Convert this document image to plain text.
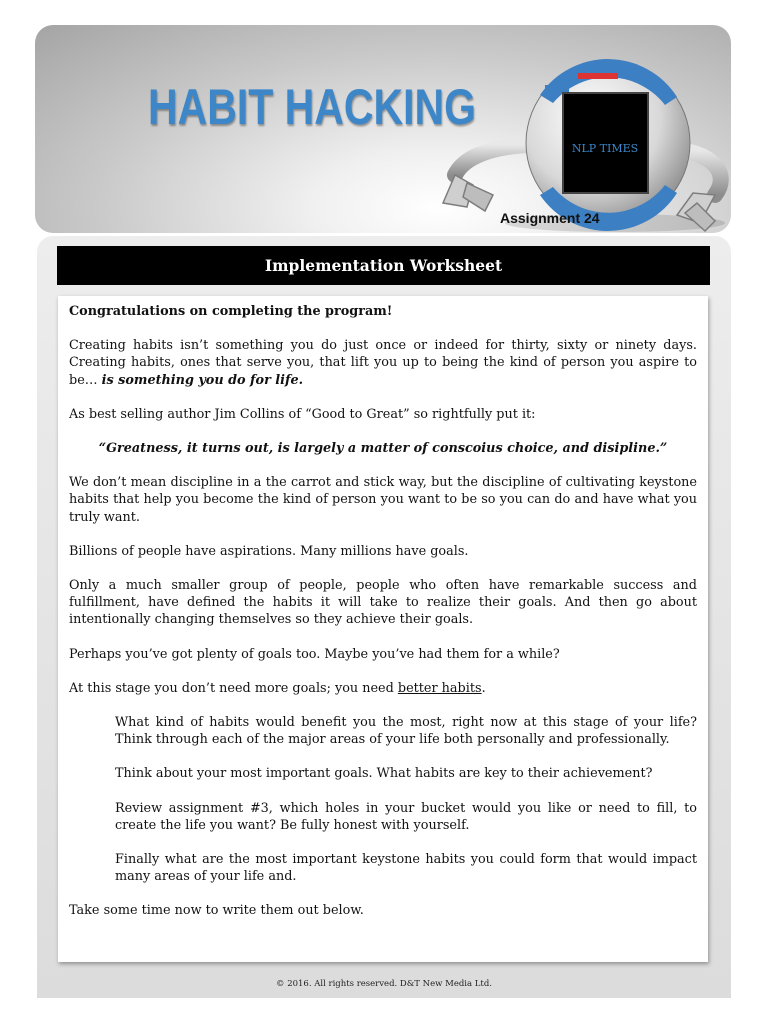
HABIT HACKING
NLP TIMES
Assignment 24
Implementation Worksheet

Congratulations on completing the program!

Creating habits isn’t something you do just once or indeed for thirty, sixty or ninety days. Creating habits, ones that serve you, that lift you up to being the kind of person you aspire to be… is something you do for life.

As best selling author Jim Collins of “Good to Great” so rightfully put it:

“Greatness, it turns out, is largely a matter of conscoius choice, and disipline.”

We don’t mean discipline in a the carrot and stick way, but the discipline of cultivating keystone habits that help you become the kind of person you want to be so you can do and have what you truly want.

Billions of people have aspirations. Many millions have goals.

Only a much smaller group of people, people who often have remarkable success and fulfillment, have defined the habits it will take to realize their goals. And then go about intentionally changing themselves so they achieve their goals.

Perhaps you’ve got plenty of goals too. Maybe you’ve had them for a while?

At this stage you don’t need more goals; you need better habits.

What kind of habits would benefit you the most, right now at this stage of your life? Think through each of the major areas of your life both personally and professionally.

Think about your most important goals. What habits are key to their achievement?

Review assignment #3, which holes in your bucket would you like or need to fill, to create the life you want? Be fully honest with yourself.

Finally what are the most important keystone habits you could form that would impact many areas of your life and.

Take some time now to write them out below.

© 2016. All rights reserved. D&T New Media Ltd.
